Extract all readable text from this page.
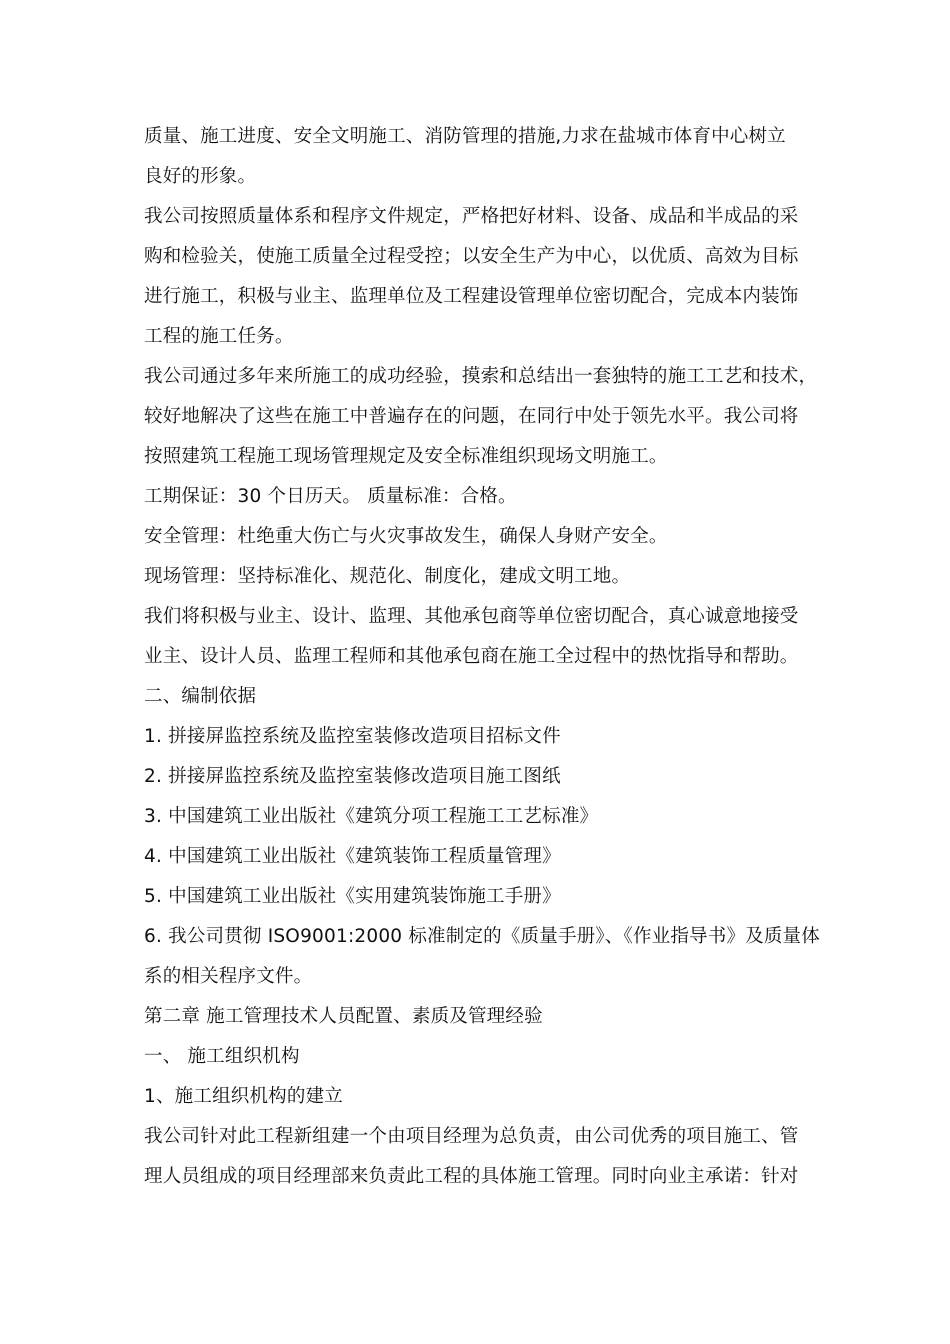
质量、施工进度、安全文明施工、消防管理的措施,力求在盐城市体育中心树立
良好的形象。
我公司按照质量体系和程序文件规定，严格把好材料、设备、成品和半成品的采
购和检验关，使施工质量全过程受控；以安全生产为中心，以优质、高效为目标
进行施工，积极与业主、监理单位及工程建设管理单位密切配合，完成本内装饰
工程的施工任务。
我公司通过多年来所施工的成功经验，摸索和总结出一套独特的施工工艺和技术，
较好地解决了这些在施工中普遍存在的问题，在同行中处于领先水平。我公司将
按照建筑工程施工现场管理规定及安全标准组织现场文明施工。
工期保证：30 个日历天。 质量标准：合格。
安全管理：杜绝重大伤亡与火灾事故发生，确保人身财产安全。
现场管理：坚持标准化、规范化、制度化，建成文明工地。
我们将积极与业主、设计、监理、其他承包商等单位密切配合，真心诚意地接受
业主、设计人员、监理工程师和其他承包商在施工全过程中的热忱指导和帮助。
二、编制依据
1. 拼接屏监控系统及监控室装修改造项目招标文件
2. 拼接屏监控系统及监控室装修改造项目施工图纸
3. 中国建筑工业出版社《建筑分项工程施工工艺标准》
4. 中国建筑工业出版社《建筑装饰工程质量管理》
5. 中国建筑工业出版社《实用建筑装饰施工手册》
6. 我公司贯彻 ISO9001:2000 标准制定的《质量手册》、《作业指导书》及质量体
系的相关程序文件。
第二章 施工管理技术人员配置、素质及管理经验
一、 施工组织机构
1、施工组织机构的建立
我公司针对此工程新组建一个由项目经理为总负责，由公司优秀的项目施工、管
理人员组成的项目经理部来负责此工程的具体施工管理。同时向业主承诺：针对
